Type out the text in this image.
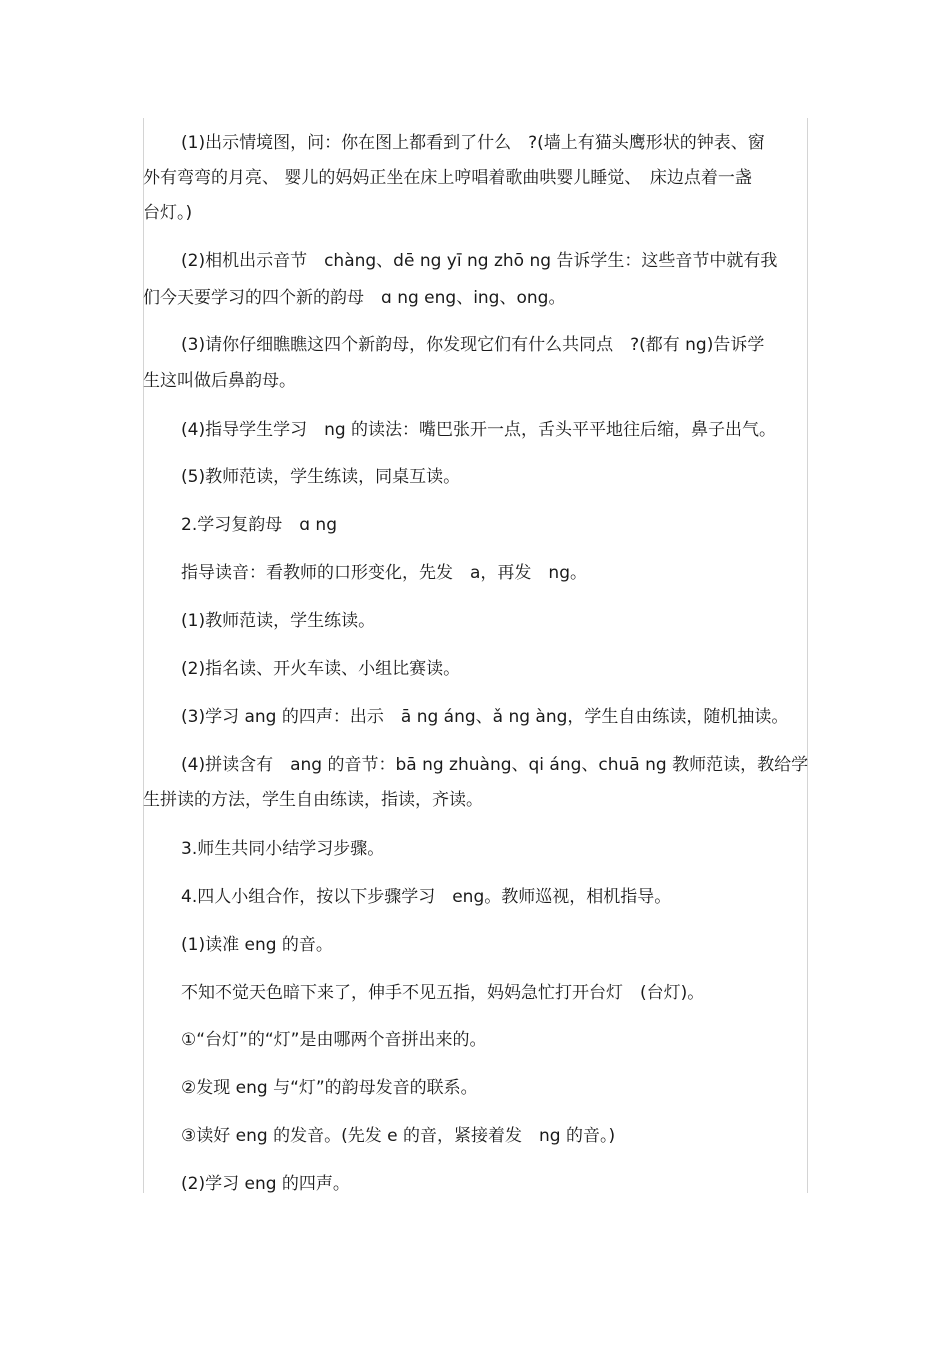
(1)出示情境图，问：你在图上都看到了什么　?(墙上有猫头鹰形状的钟表、窗
外有弯弯的月亮、 婴儿的妈妈正坐在床上哼唱着歌曲哄婴儿睡觉、　床边点着一盏
台灯。)
(2)相机出示音节　chàng、dē ng yī ng zhō ng 告诉学生：这些音节中就有我
们今天要学习的四个新的韵母　ɑ ng eng、ing、ong。
(3)请你仔细瞧瞧这四个新韵母，你发现它们有什么共同点　?(都有 ng)告诉学
生这叫做后鼻韵母。
(4)指导学生学习　ng 的读法：嘴巴张开一点，舌头平平地往后缩，鼻子出气。
(5)教师范读，学生练读，同桌互读。
2.学习复韵母　ɑ ng
指导读音：看教师的口形变化，先发　a，再发　ng。
(1)教师范读，学生练读。
(2)指名读、开火车读、小组比赛读。
(3)学习 ang 的四声：出示　ā ng áng、ǎ ng àng，学生自由练读，随机抽读。
(4)拼读含有　ang 的音节：bā ng zhuàng、qi áng、chuā ng 教师范读，教给学
生拼读的方法，学生自由练读，指读，齐读。
3.师生共同小结学习步骤。
4.四人小组合作，按以下步骤学习　eng。教师巡视，相机指导。
(1)读准 eng 的音。
不知不觉天色暗下来了，伸手不见五指，妈妈急忙打开台灯　(台灯)。
①“台灯”的“灯”是由哪两个音拼出来的。
②发现 eng 与“灯”的韵母发音的联系。
③读好 eng 的发音。(先发 e 的音，紧接着发　ng 的音。)
(2)学习 eng 的四声。
